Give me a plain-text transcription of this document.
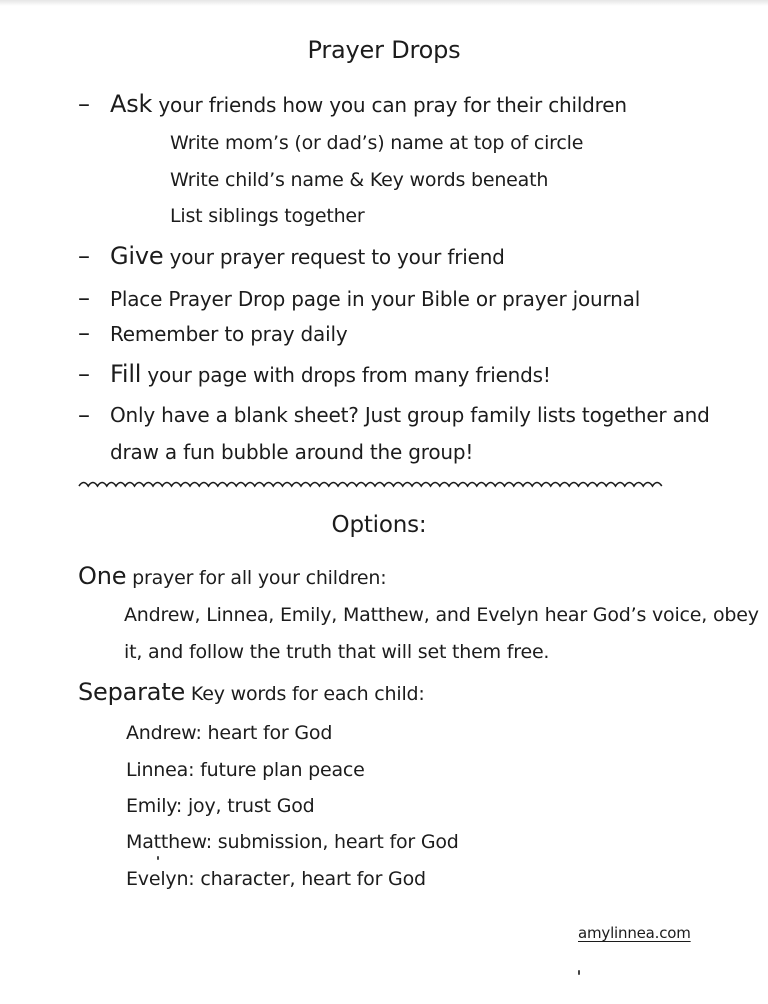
Prayer Drops
– Ask your friends how you can pray for their children
Write mom’s (or dad’s) name at top of circle
Write child’s name & Key words beneath
List siblings together
– Give your prayer request to your friend
– Place Prayer Drop page in your Bible or prayer journal
– Remember to pray daily
– Fill your page with drops from many friends!
– Only have a blank sheet? Just group family lists together and
draw a fun bubble around the group!
Options:
One prayer for all your children:
Andrew, Linnea, Emily, Matthew, and Evelyn hear God’s voice, obey
it, and follow the truth that will set them free.
Separate Key words for each child:
Andrew: heart for God
Linnea: future plan peace
Emily: joy, trust God
Matthew: submission, heart for God
Evelyn: character, heart for God
amylinnea.com
